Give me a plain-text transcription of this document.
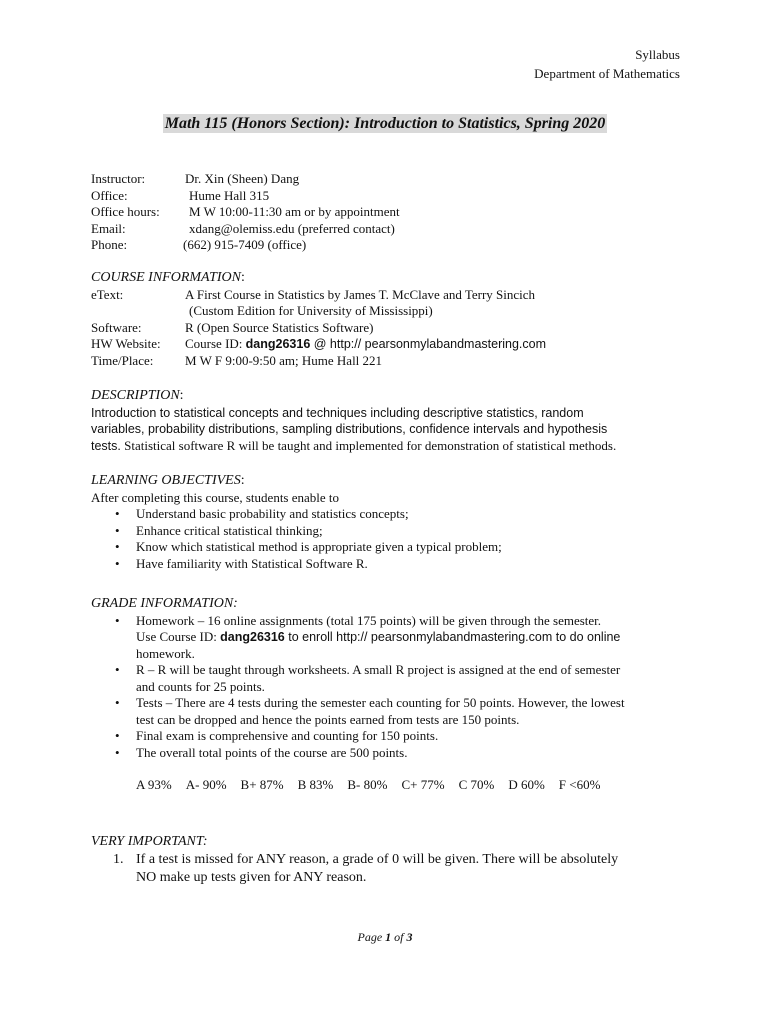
Syllabus
Department of Mathematics
Math 115 (Honors Section): Introduction to Statistics, Spring 2020
Instructor:	Dr. Xin (Sheen) Dang
Office:	Hume Hall 315
Office hours:	M W 10:00-11:30 am or by appointment
Email:	xdang@olemiss.edu (preferred contact)
Phone:	(662) 915-7409 (office)
COURSE INFORMATION:
eText:	A First Course in Statistics by James T. McClave and Terry Sincich
(Custom Edition for University of Mississippi)
Software:	R (Open Source Statistics Software)
HW Website:	Course ID: dang26316 @ http:// pearsonmylabandmastering.com
Time/Place:	M W F 9:00-9:50 am; Hume Hall 221
DESCRIPTION:
Introduction to statistical concepts and techniques including descriptive statistics, random
variables, probability distributions, sampling distributions, confidence intervals and hypothesis
tests. Statistical software R will be taught and implemented for demonstration of statistical methods.
LEARNING OBJECTIVES:
After completing this course, students enable to
• Understand basic probability and statistics concepts;
• Enhance critical statistical thinking;
• Know which statistical method is appropriate given a typical problem;
• Have familiarity with Statistical Software R.
GRADE INFORMATION:
• Homework – 16 online assignments (total 175 points) will be given through the semester.
Use Course ID: dang26316 to enroll http:// pearsonmylabandmastering.com to do online
homework.
• R – R will be taught through worksheets. A small R project is assigned at the end of semester
and counts for 25 points.
• Tests – There are 4 tests during the semester each counting for 50 points. However, the lowest
test can be dropped and hence the points earned from tests are 150 points.
• Final exam is comprehensive and counting for 150 points.
• The overall total points of the course are 500 points.
A 93% A- 90% B+ 87% B 83% B- 80% C+ 77% C 70% D 60% F <60%
VERY IMPORTANT:
1. If a test is missed for ANY reason, a grade of 0 will be given. There will be absolutely
NO make up tests given for ANY reason.
Page 1 of 3
